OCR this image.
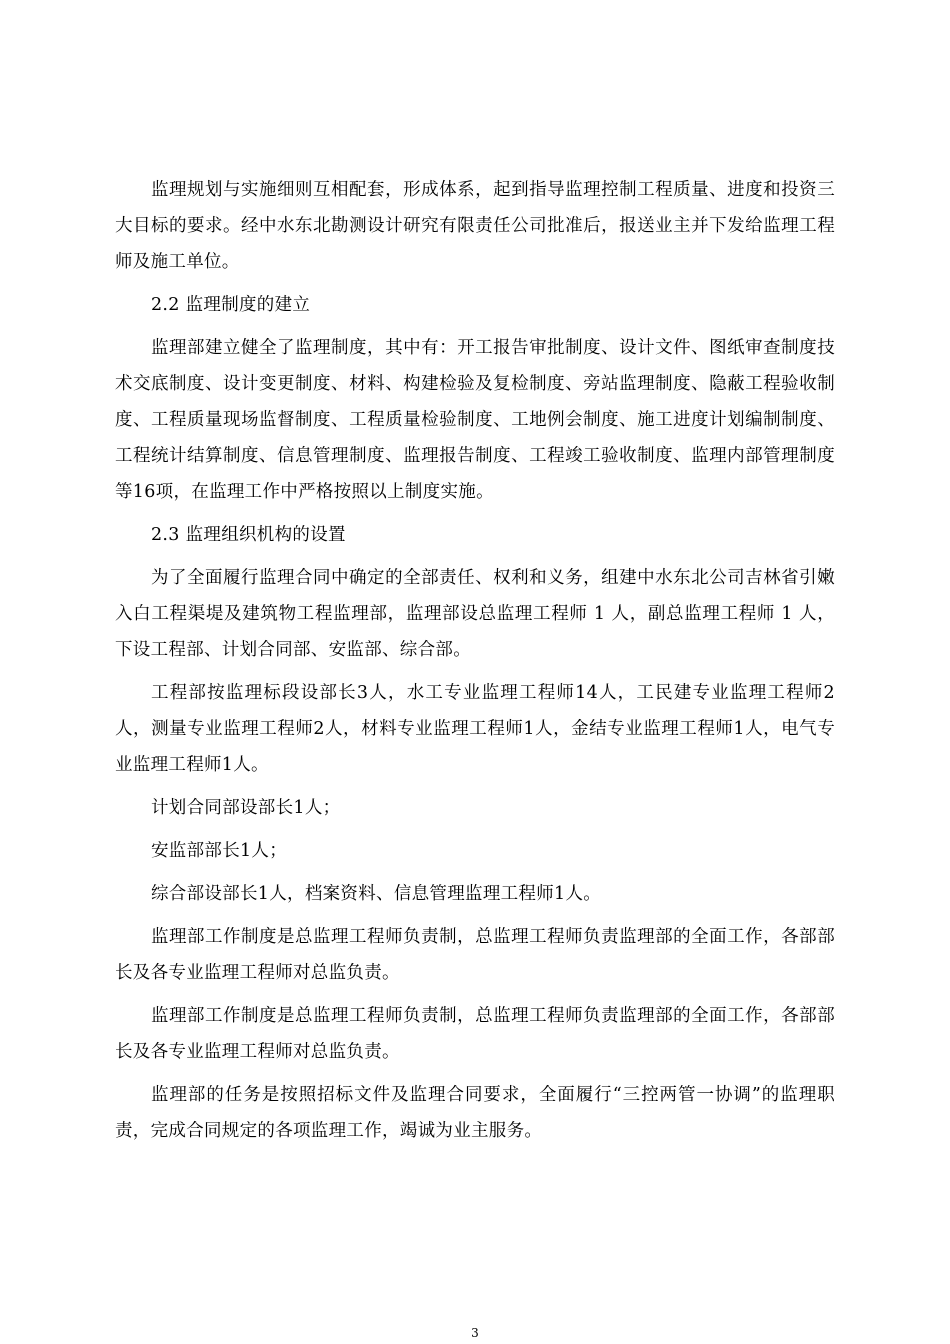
监理规划与实施细则互相配套，形成体系，起到指导监理控制工程质量、进度和投资三大目标的要求。经中水东北勘测设计研究有限责任公司批准后，报送业主并下发给监理工程师及施工单位。

2.2 监理制度的建立

监理部建立健全了监理制度，其中有：开工报告审批制度、设计文件、图纸审查制度技术交底制度、设计变更制度、材料、构建检验及复检制度、旁站监理制度、隐蔽工程验收制度、工程质量现场监督制度、工程质量检验制度、工地例会制度、施工进度计划编制制度、工程统计结算制度、信息管理制度、监理报告制度、工程竣工验收制度、监理内部管理制度等16项，在监理工作中严格按照以上制度实施。

2.3 监理组织机构的设置

为了全面履行监理合同中确定的全部责任、权利和义务，组建中水东北公司吉林省引嫩入白工程渠堤及建筑物工程监理部，监理部设总监理工程师 1 人，副总监理工程师 1 人，下设工程部、计划合同部、安监部、综合部。

工程部按监理标段设部长3人，水工专业监理工程师14人，工民建专业监理工程师2人，测量专业监理工程师2人，材料专业监理工程师1人，金结专业监理工程师1人，电气专业监理工程师1人。

计划合同部设部长1人；

安监部部长1人；

综合部设部长1人，档案资料、信息管理监理工程师1人。

监理部工作制度是总监理工程师负责制，总监理工程师负责监理部的全面工作，各部部长及各专业监理工程师对总监负责。

监理部工作制度是总监理工程师负责制，总监理工程师负责监理部的全面工作，各部部长及各专业监理工程师对总监负责。

监理部的任务是按照招标文件及监理合同要求，全面履行“三控两管一协调”的监理职责，完成合同规定的各项监理工作，竭诚为业主服务。

3
